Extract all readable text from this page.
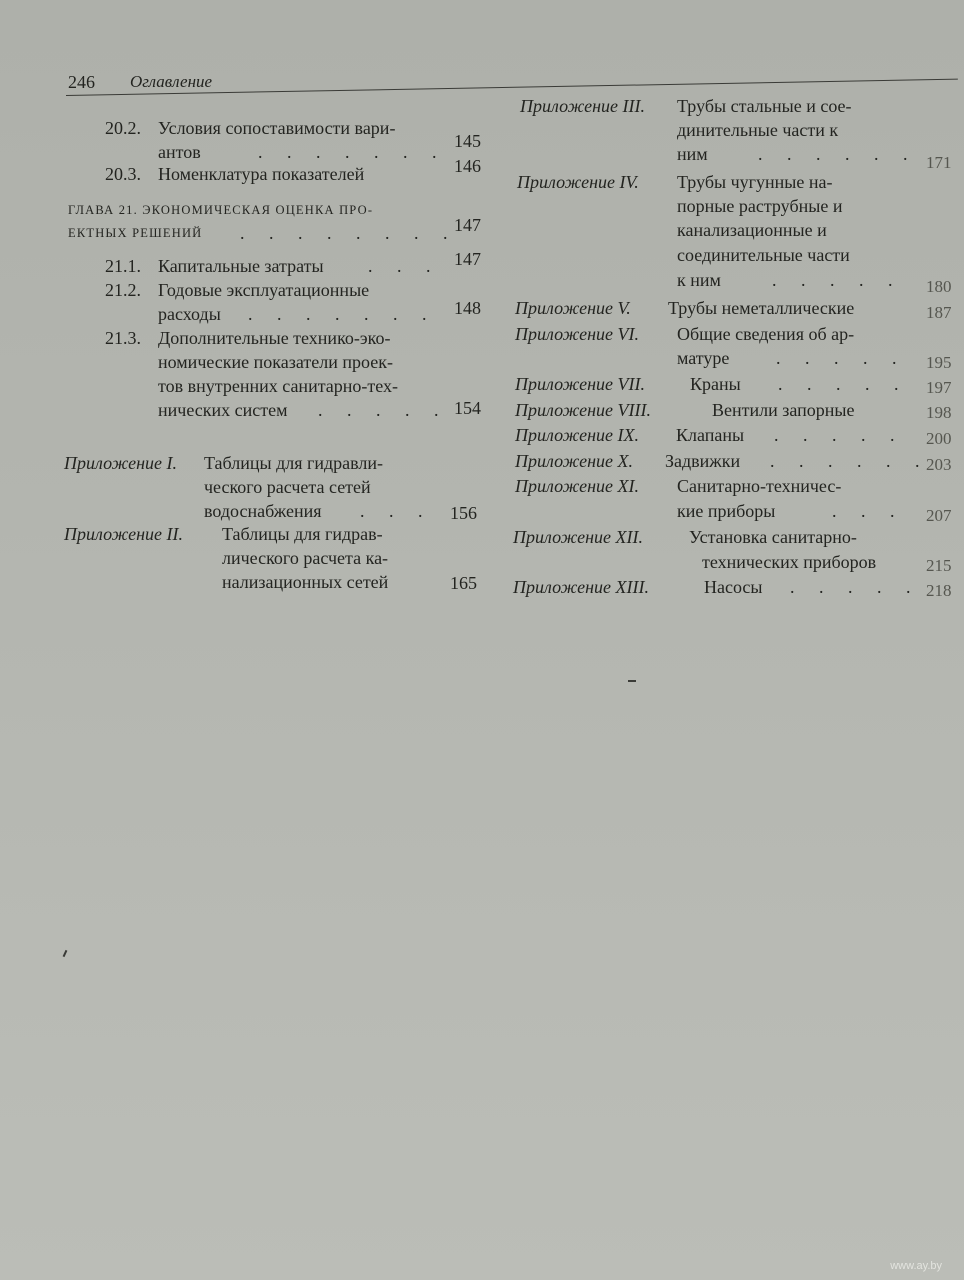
246 Оглавление
20.2. Условия сопоставимости вари-
антов	. . . . . . .
145
20.3. Номенклатура показателей	146
ГЛАВА 21. ЭКОНОМИЧЕСКАЯ ОЦЕНКА ПРО-
ЕКТНЫХ РЕШЕНИЙ . . . . . . . .
147
21.1. Капитальные затраты . . . 147
21.2. Годовые эксплуатационные
расходы . . . . . . . 148
21.3. Дополнительные технико-эко-
номические показатели проек-
тов внутренних санитарно-тех-
нических систем . . . . . 154
Приложение I. Таблицы для гидравли-
ческого расчета сетей
водоснабжения . . . 156
Приложение II. Таблицы для гидрав-
лического расчета ка-
нализационных сетей	165
Приложение III. Трубы стальные и сое-
динительные части к
ним	. . . . . . 171
Приложение IV. Трубы чугунные на-
порные раструбные и
канализационные и
соединительные части
к ним	. . . . . 180
Приложение V. Трубы неметаллические	187
Приложение VI. Общие сведения об ар-
матуре	. . . . . 195
Приложение VII. Краны . . . . . 197
Приложение VIII.	Вентили запорные	198
Приложение IX. Клапаны . . . . . 200
Приложение X. Задвижки . . . . . .
203
Приложение XI. Санитарно-техничес-
кие приборы	. . . 207
Приложение XII.	Установка санитарно-
технических приборов	215
Приложение XIII.	Насосы . . . . . 218
www.ay.by
